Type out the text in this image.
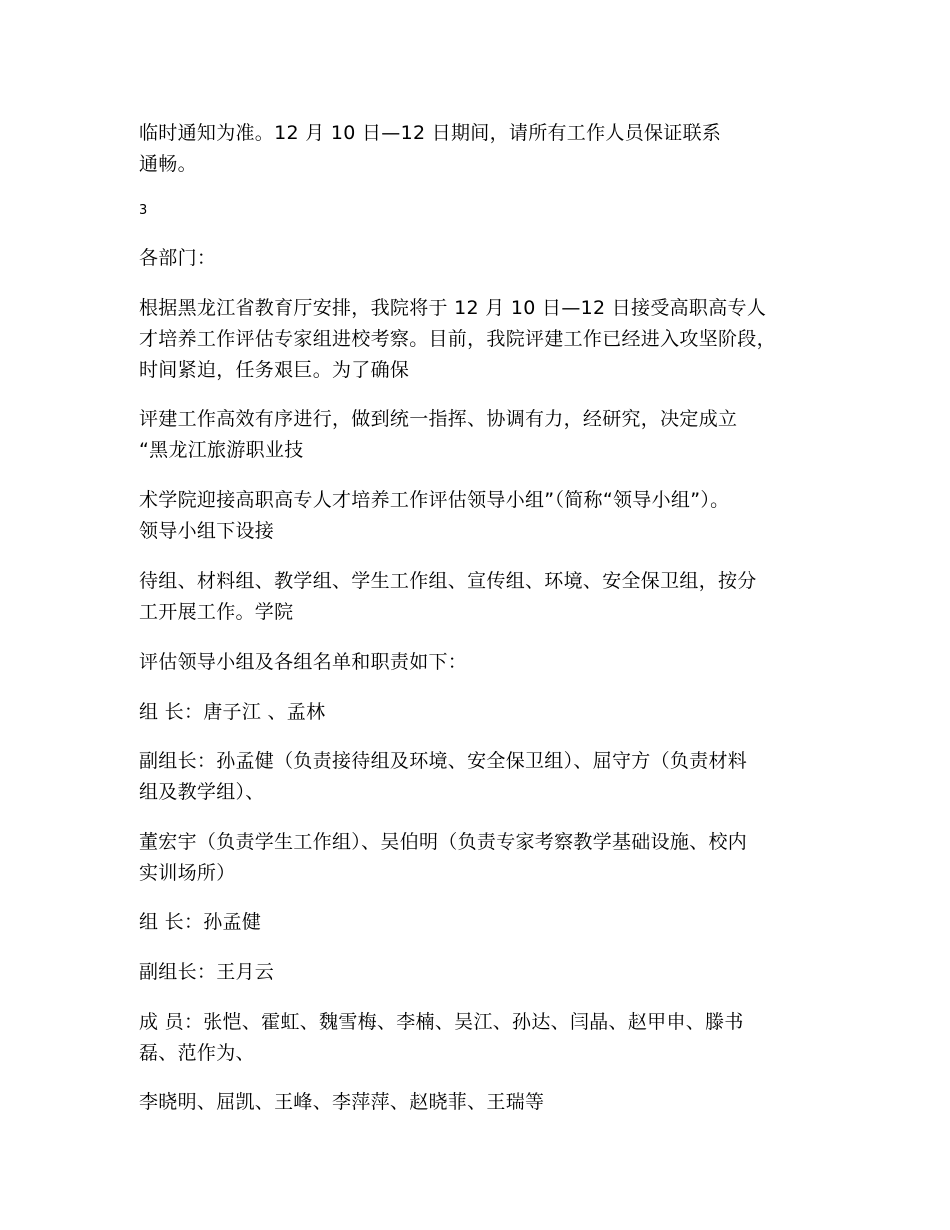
临时通知为准。12 月 10 日—12 日期间，请所有工作人员保证联系
通畅。

3

各部门：

根据黑龙江省教育厅安排，我院将于 12 月 10 日—12 日接受高职高专人
才培养工作评估专家组进校考察。目前，我院评建工作已经进入攻坚阶段，
时间紧迫，任务艰巨。为了确保

评建工作高效有序进行，做到统一指挥、协调有力，经研究，决定成立
“黑龙江旅游职业技

术学院迎接高职高专人才培养工作评估领导小组”（简称“领导小组”）。
领导小组下设接

待组、材料组、教学组、学生工作组、宣传组、环境、安全保卫组，按分
工开展工作。学院

评估领导小组及各组名单和职责如下：

组 长：唐子江 、孟林

副组长：孙孟健（负责接待组及环境、安全保卫组）、屈守方（负责材料
组及教学组）、

董宏宇（负责学生工作组）、吴伯明（负责专家考察教学基础设施、校内
实训场所）

组 长：孙孟健

副组长：王月云

成 员：张恺、霍虹、魏雪梅、李楠、吴江、孙达、闫晶、赵甲申、滕书
磊、范作为、

李晓明、屈凯、王峰、李萍萍、赵晓菲、王瑞等
